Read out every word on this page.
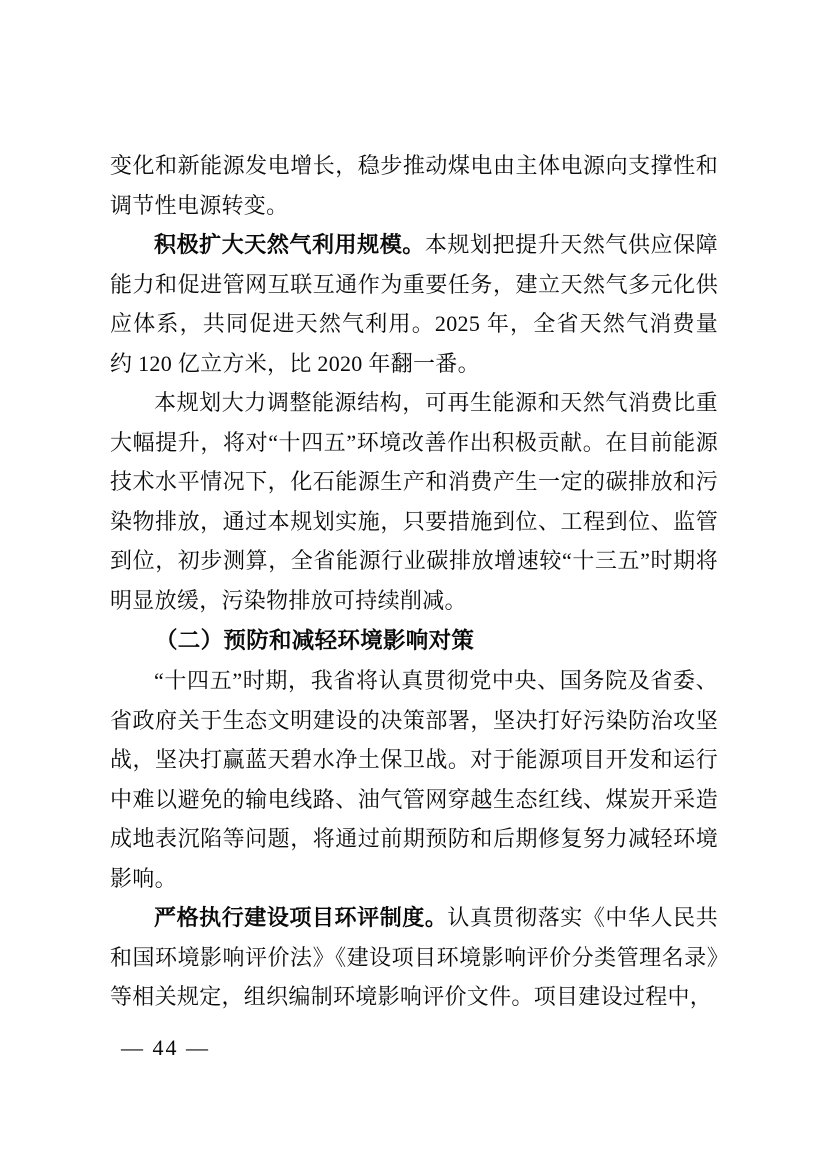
变化和新能源发电增长，稳步推动煤电由主体电源向支撑性和调节性电源转变。

积极扩大天然气利用规模。本规划把提升天然气供应保障能力和促进管网互联互通作为重要任务，建立天然气多元化供应体系，共同促进天然气利用。2025 年，全省天然气消费量约 120 亿立方米，比 2020 年翻一番。

本规划大力调整能源结构，可再生能源和天然气消费比重大幅提升，将对“十四五”环境改善作出积极贡献。在目前能源技术水平情况下，化石能源生产和消费产生一定的碳排放和污染物排放，通过本规划实施，只要措施到位、工程到位、监管到位，初步测算，全省能源行业碳排放增速较“十三五”时期将明显放缓，污染物排放可持续削减。

（二）预防和减轻环境影响对策

“十四五”时期，我省将认真贯彻党中央、国务院及省委、省政府关于生态文明建设的决策部署，坚决打好污染防治攻坚战，坚决打赢蓝天碧水净土保卫战。对于能源项目开发和运行中难以避免的输电线路、油气管网穿越生态红线、煤炭开采造成地表沉陷等问题，将通过前期预防和后期修复努力减轻环境影响。

严格执行建设项目环评制度。认真贯彻落实《中华人民共和国环境影响评价法》《建设项目环境影响评价分类管理名录》等相关规定，组织编制环境影响评价文件。项目建设过程中，

— 44 —
